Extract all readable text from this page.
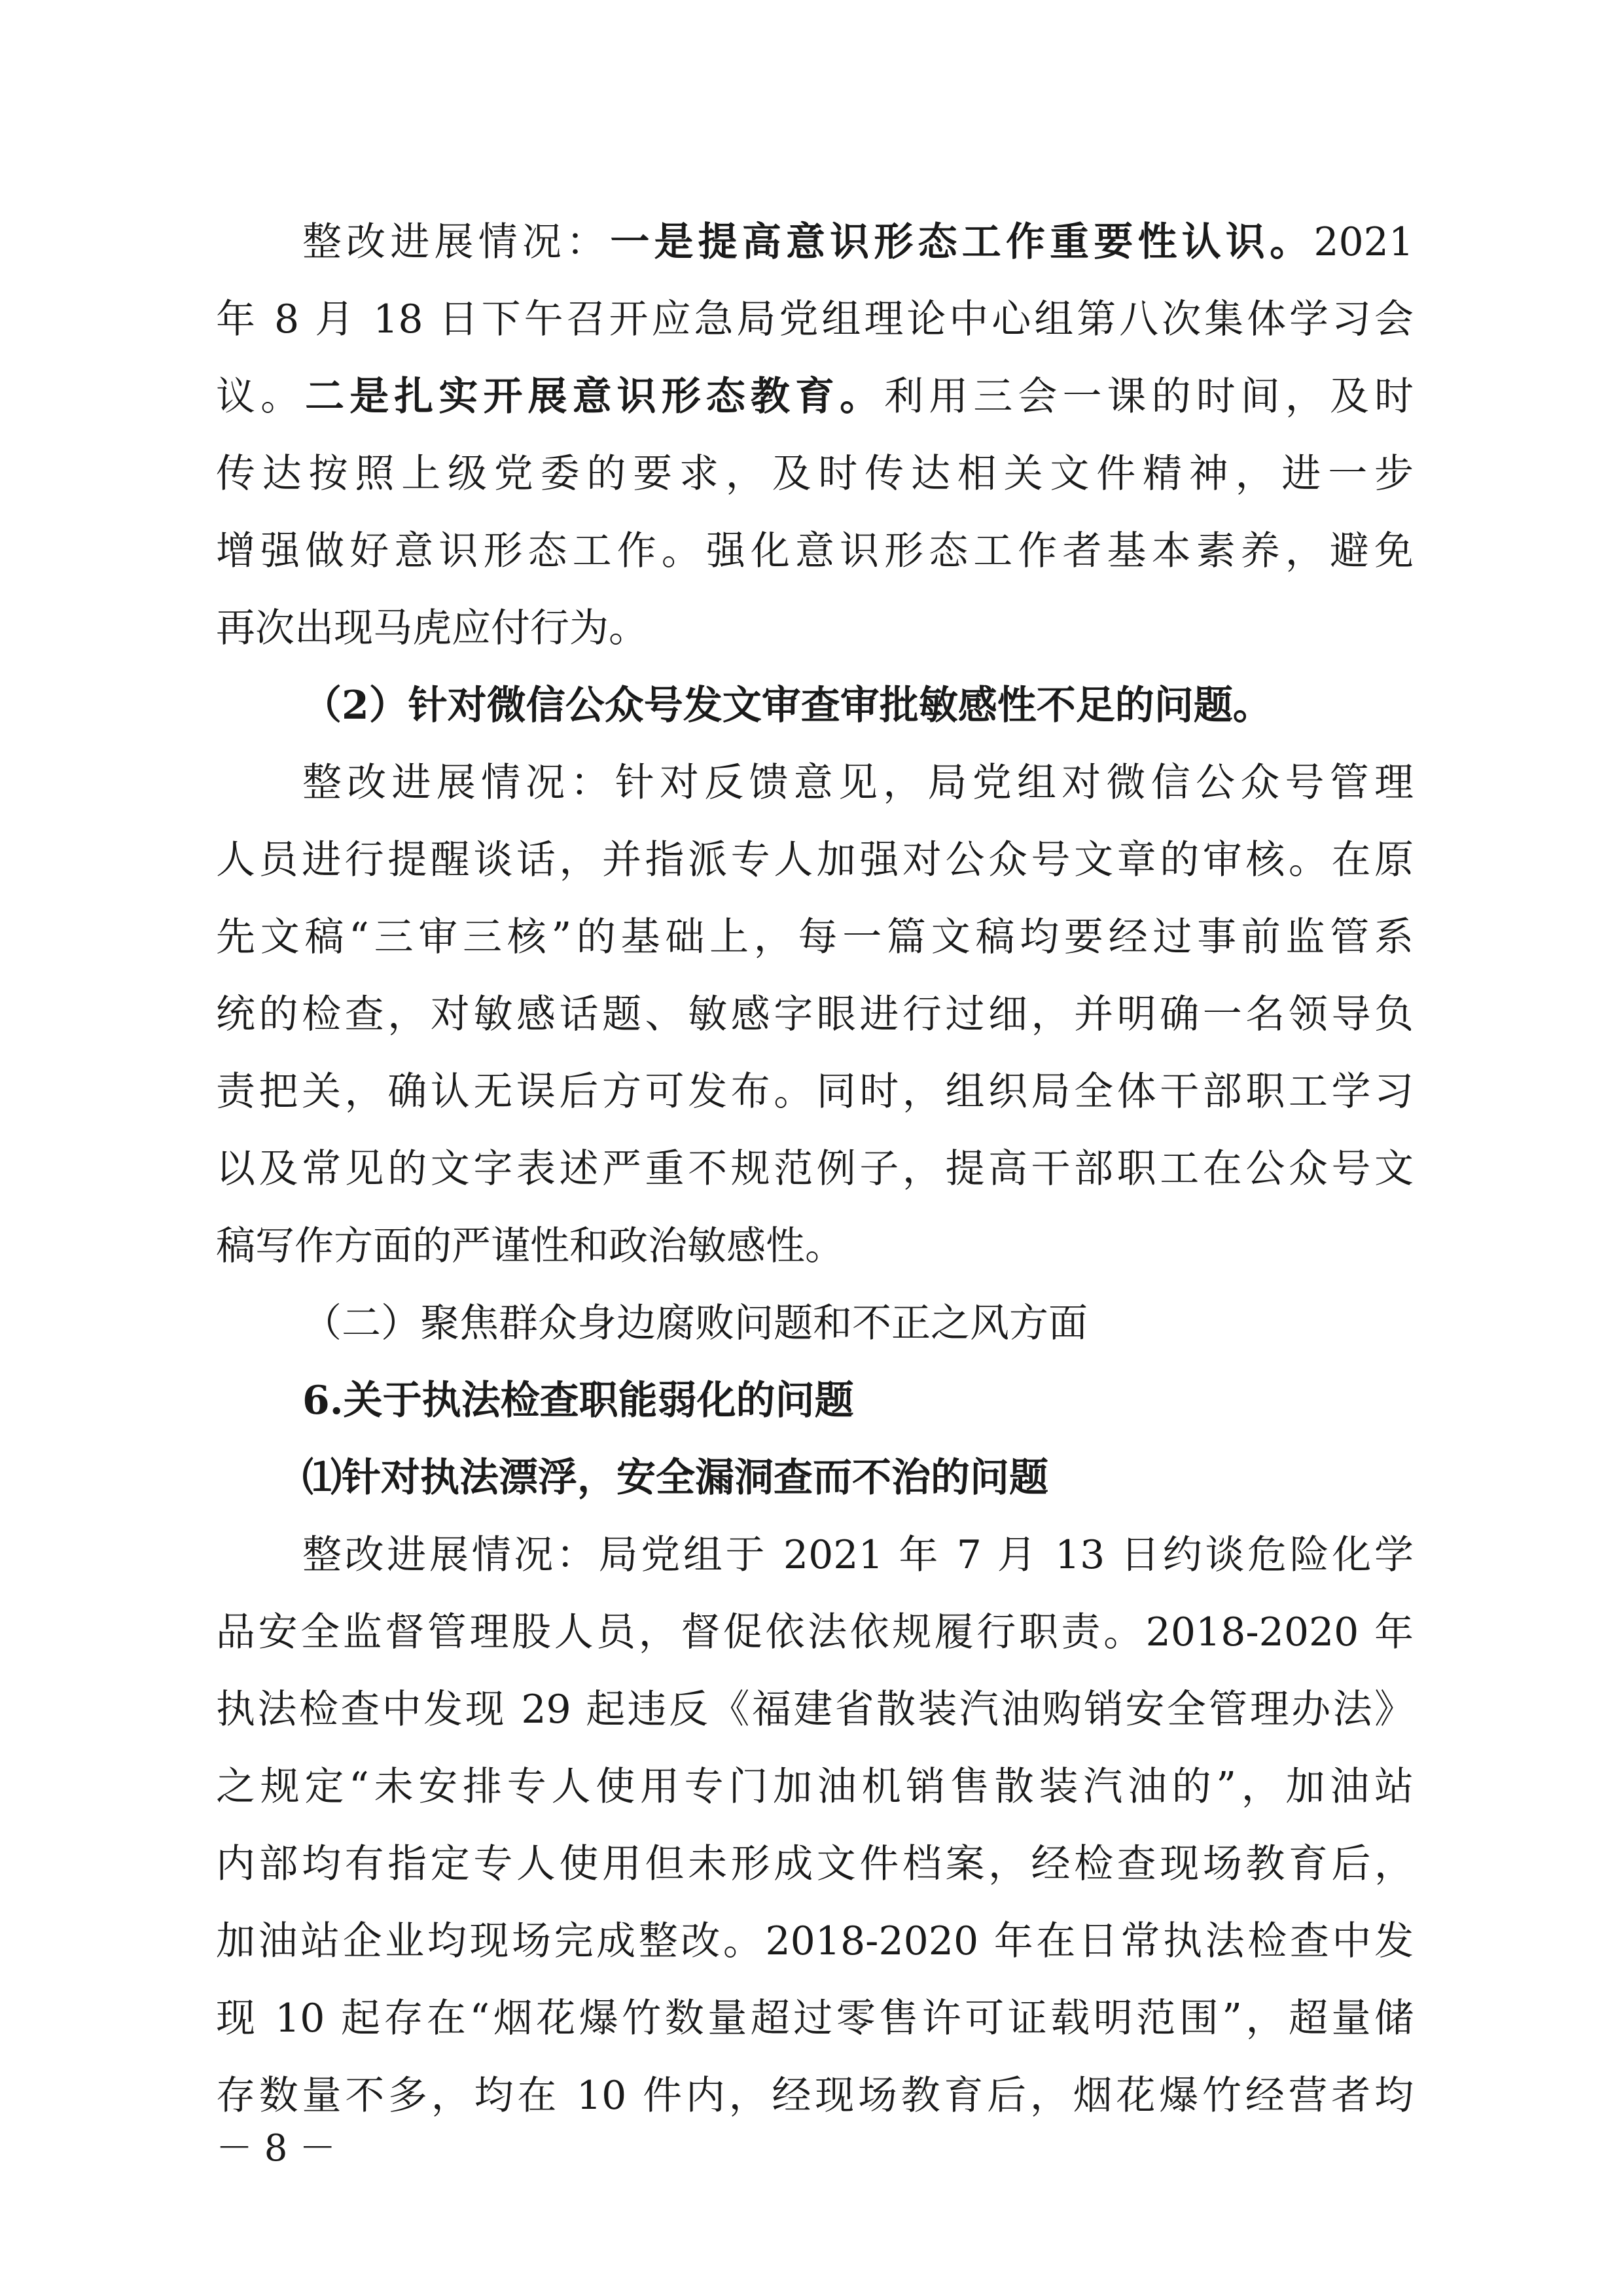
整改进展情况：一是提高意识形态工作重要性认识。2021
年 8 月 18 日下午召开应急局党组理论中心组第八次集体学习会
议。二是扎实开展意识形态教育。利用三会一课的时间，及时
传达按照上级党委的要求，及时传达相关文件精神，进一步
增强做好意识形态工作。强化意识形态工作者基本素养，避免
再次出现马虎应付行为。
（2）针对微信公众号发文审查审批敏感性不足的问题。
整改进展情况：针对反馈意见，局党组对微信公众号管理
人员进行提醒谈话，并指派专人加强对公众号文章的审核。在原
先文稿“三审三核”的基础上，每一篇文稿均要经过事前监管系
统的检查，对敏感话题、敏感字眼进行过细，并明确一名领导负
责把关，确认无误后方可发布。同时，组织局全体干部职工学习
以及常见的文字表述严重不规范例子，提高干部职工在公众号文
稿写作方面的严谨性和政治敏感性。
（二）聚焦群众身边腐败问题和不正之风方面
6.关于执法检查职能弱化的问题
⑴针对执法漂浮，安全漏洞查而不治的问题
整改进展情况：局党组于 2021 年 7 月 13 日约谈危险化学
品安全监督管理股人员，督促依法依规履行职责。2018-2020 年
执法检查中发现 29 起违反《福建省散装汽油购销安全管理办法》
之规定“未安排专人使用专门加油机销售散装汽油的”，加油站
内部均有指定专人使用但未形成文件档案，经检查现场教育后，
加油站企业均现场完成整改。2018-2020 年在日常执法检查中发
现 10 起存在“烟花爆竹数量超过零售许可证载明范围”，超量储
存数量不多，均在 10 件内，经现场教育后，烟花爆竹经营者均
－ 8 －
